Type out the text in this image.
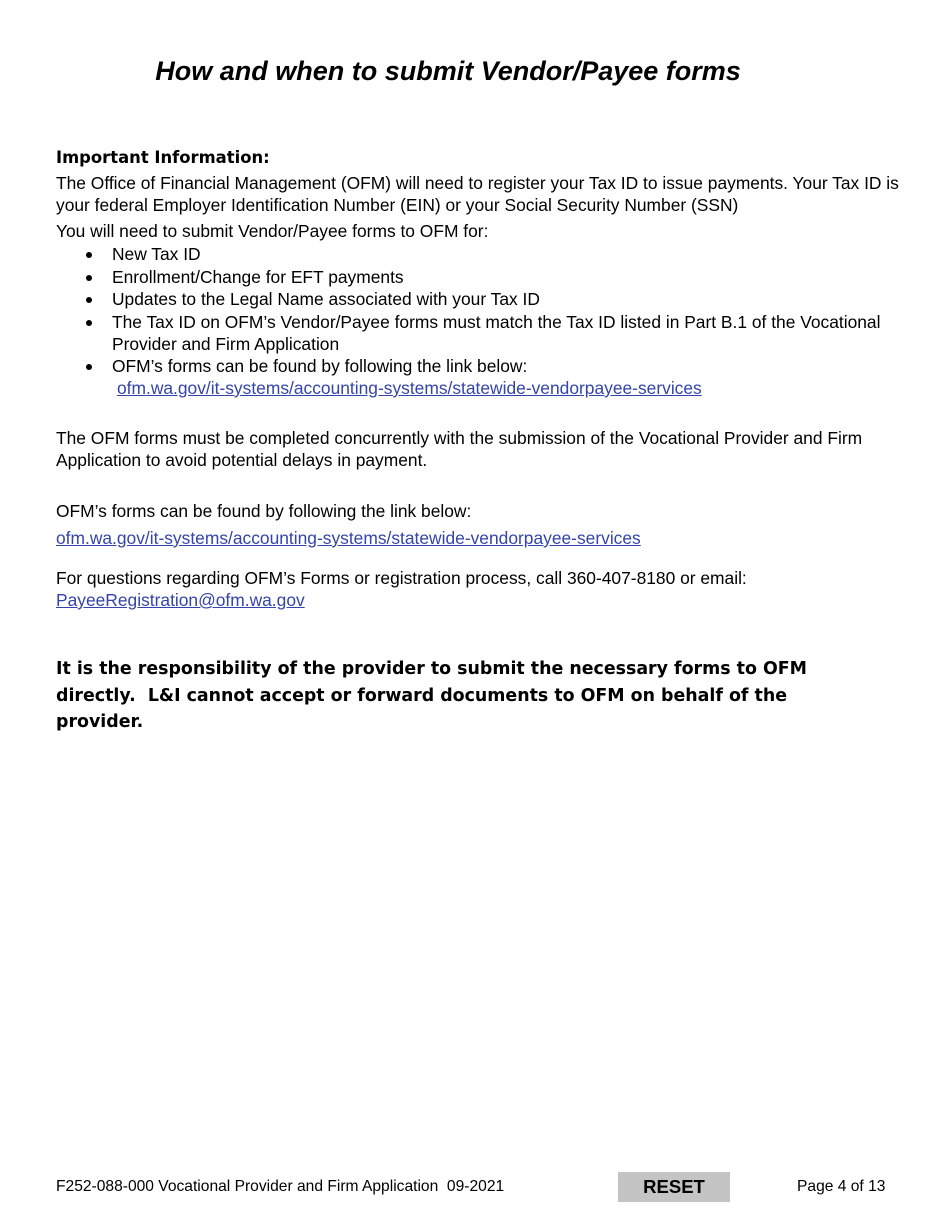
How and when to submit Vendor/Payee forms
Important Information:

The Office of Financial Management (OFM) will need to register your Tax ID to issue payments. Your Tax ID is your federal Employer Identification Number (EIN) or your Social Security Number (SSN)

You will need to submit Vendor/Payee forms to OFM for:

New Tax ID
Enrollment/Change for EFT payments
Updates to the Legal Name associated with your Tax ID
The Tax ID on OFM’s Vendor/Payee forms must match the Tax ID listed in Part B.1 of the Vocational Provider and Firm Application
OFM’s forms can be found by following the link below:
ofm.wa.gov/it-systems/accounting-systems/statewide-vendorpayee-services

The OFM forms must be completed concurrently with the submission of the Vocational Provider and Firm Application to avoid potential delays in payment.

OFM’s forms can be found by following the link below:

ofm.wa.gov/it-systems/accounting-systems/statewide-vendorpayee-services

For questions regarding OFM’s Forms or registration process, call 360-407-8180 or email:
PayeeRegistration@ofm.wa.gov

It is the responsibility of the provider to submit the necessary forms to OFM directly.  L&I cannot accept or forward documents to OFM on behalf of the provider.

F252-088-000 Vocational Provider and Firm Application  09-2021	RESET	Page 4 of 13
